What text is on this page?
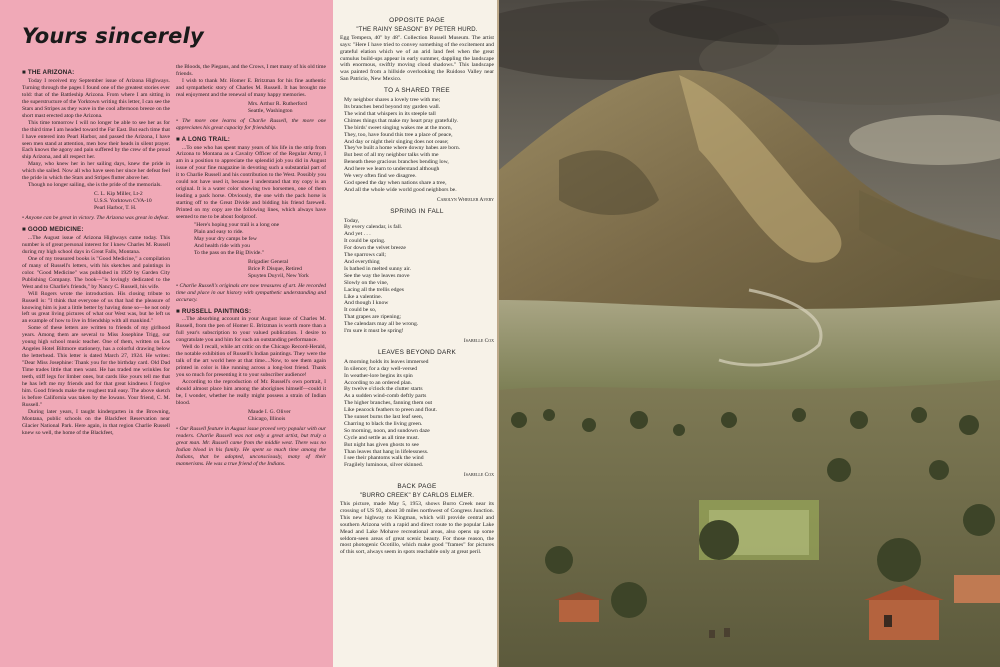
Yours sincerely
■ THE ARIZONA:

Today I received my September issue of Arizona Highways. Turning through the pages I found one of the greatest stories ever told: that of the Battleship Arizona. From where I am sitting in the superstructure of the Yorktown writing this letter, I can see the Stars and Stripes as they wave in the cool afternoon breeze on the short mast erected atop the Arizona.

This time tomorrow I will no longer be able to see her as for the third time I am headed toward the Far East. But each time that I have entered into Pearl Harbor, and passed the Arizona, I have seen men stand at attention, men bow their heads in silent prayer. Each knows the agony and pain suffered by the crew of the proud ship Arizona, and all respect her.

Many, who knew her in her sailing days, knew the pride in which she sailed. Now all who have seen her since her defeat feel the pride in which the Stars and Stripes flutter above her.

Though no longer sailing, she is the pride of the memorials.

C. L. Kip Miller, Lt-2
U.S.S. Yorktown CVA-10
Pearl Harbor, T. H.

• Anyone can be great in victory. The Arizona was great in defeat.

■ GOOD MEDICINE:

...The August issue of Arizona Highways came today. This number is of great personal interest for I knew Charles M. Russell during my high school days in Great Falls, Montana.

One of my treasured books is "Good Medicine," a compilation of many of Russell's letters, with his sketches and paintings in color. "Good Medicine" was published in 1929 by Garden City Publishing Company. The book—"is lovingly dedicated to the West and to Charlie's friends," by Nancy C. Russell, his wife.

Will Rogers wrote the introduction. His closing tribute to Russell is: "I think that everyone of us that had the pleasure of knowing him is just a little better by having done so—he not only left us great living pictures of what our West was, but he left us an example of how to live in friendship with all mankind."

Some of these letters are written to friends of my girlhood years. Among them are several to Miss Josephine Trigg, our young high school music teacher. One of them, written on Los Angeles Hotel Biltmore stationery, has a colorful drawing below the letterhead. This letter is dated March 27, 1924. He writes: "Dear Miss Josephine: Thank you for the birthday card. Old Dad Time trades little that men want. He has traded me wrinkles for teeth, stiff legs for limber ones, but cards like yours tell me that he has left me my friends and for that great kindness I forgive him. Good friends make the roughest trail easy. The above sketch is before California was taken by the Iowans. Your friend, C. M. Russell."

During later years, I taught kindergarten in the Browning, Montana, public schools on the Blackfeet Reservation near Glacier National Park. Here again, in that region Charlie Russell knew so well, the home of the Blackfeet,

the Bloods, the Piegans, and the Crows, I met many of his old time friends.

I wish to thank Mr. Homer E. Britzman for his fine authentic and sympathetic story of Charles M. Russell. It has brought me real enjoyment and the renewal of many happy memories.

Mrs. Arthur R. Rutherford
Seattle, Washington

• The more one learns of Charlie Russell, the more one appreciates his great capacity for friendship.

■ A LONG TRAIL:

...To one who has spent many years of his life in the strip from Arizona to Montana as a Cavalry Officer of the Regular Army, I am in a position to appreciate the splendid job you did in August issue of your fine magazine in devoting such a substantial part of it to Charlie Russell and his contribution to the West. Possibly you could not have used it, because I understand that my copy is an original. It is a water color showing two horsemen, one of them leading a pack horse. Obviously, the one with the pack horse is starting off to the Great Divide and bidding his friend farewell. Printed on my copy are the following lines, which always have seemed to me to be about foolproof.

"Here's hoping your trail is a long one
Plain and easy to ride.
May your dry camps be few
And health ride with you
To the pass on the Big Divide."

Brigadier General
Brice P. Disque, Retired
Spuyten Duyvil, New York

• Charlie Russell's originals are now treasures of art. He recorded time and place in our history with sympathetic understanding and accuracy.

■ RUSSELL PAINTINGS:

...The absorbing account in your August issue of Charles M. Russell, from the pen of Homer E. Britzman is worth more than a full year's subscription to your valued publication. I desire to congratulate you and him for such an outstanding performance.

Well do I recall, while art critic on the Chicago Record-Herald, the notable exhibition of Russell's Indian paintings. They were the talk of the art world here at that time....Now, to see them again printed in color is like running across a long-lost friend. Thank you so much for presenting it to your subscriber audience!

According to the reproduction of Mr. Russell's own portrait, I should almost place him among the aborigines himself—could it be, I wonder, whether he really might possess a strain of Indian blood.

Maude I. G. Oliver
Chicago, Illinois

• Our Russell feature in August issue proved very popular with our readers. Charlie Russell was not only a great artist, but truly a great man. Mr. Russell came from the middle west. There was no Indian blood in his family. He spent so much time among the Indians, that he adopted, unconsciously, many of their mannerisms. He was a true friend of the Indians.

OPPOSITE PAGE
"THE RAINY SEASON" BY PETER HURD.

Egg Tempera, 40" by 48". Collection Russell Museum. The artist says: "Here I have tried to convey something of the excitement and grateful elation which we of an arid land feel when the great cumulus build-ups appear in early summer, dappling the landscape with enormous, swiftly moving cloud shadows." This landscape was painted from a hillside overlooking the Ruidoso Valley near San Patricio, New Mexico.

TO A SHARED TREE

My neighbor shares a lovely tree with me;
Its branches bend beyond my garden wall.
The wind that whispers in its steeple tall
Chimes things that make my heart pray gratefully.
The birds' sweet singing wakes me at the morn,
They, too, have found this tree a place of peace,
And day or night their singing does not cease;
They've built a home where downy babes are born.
But best of all my neighbor talks with me
Beneath these gracious branches bending low,
And here we learn to understand although
We very often find we disagree.
God speed the day when nations share a tree,
And all the whole wide world good neighbors be.

Carolyn Wheeler Avery
SPRING IN FALL

Today,
By every calendar, is fall.
And yet . . .
It could be spring.
For down the velvet breeze
The sparrows call;
And everything
Is bathed in melted sunny air.
See the way the leaves move
Slowly on the vine,
Lacing all the trellis edges
Like a valentine.
And though I know
It could be so,
That grapes are ripening;
The calendars may all be wrong.
I'm sure it must be spring!

Isabelle Cox
LEAVES BEYOND DARK

A morning holds its leaves immersed
In silence; for a day well-versed
In weather-lore begins its spin
According to an ordered plan.
By twelve o'clock the clutter starts
As a sudden wind-comb deftly parts
The higher branches, fanning them out
Like peacock feathers to preen and flout.
The sunset burns the last leaf seen,
Charring to black the living green.
So morning, noon, and sundown daze
Cycle and settle as all time must.
But night has given ghosts to see
Than leaves that hang in lifelessness.
I see their phantoms walk the wind
Fragilely luminous, silver skinned.

Isabelle Cox
BACK PAGE
"BURRO CREEK" BY CARLOS ELMER.

This picture, made May 5, 1953, shows Burro Creek near its crossing of US 93, about 30 miles northwest of Congress Junction. This new highway to Kingman, which will provide central and southern Arizona with a rapid and direct route to the popular Lake Mead and Lake Mohave recreational areas, also opens up some seldom-seen areas of great scenic beauty. For those reason, the most photogenic Ocotillo, which make good "frames" for pictures of this sort, always seem in spots reachable only at great peril.
